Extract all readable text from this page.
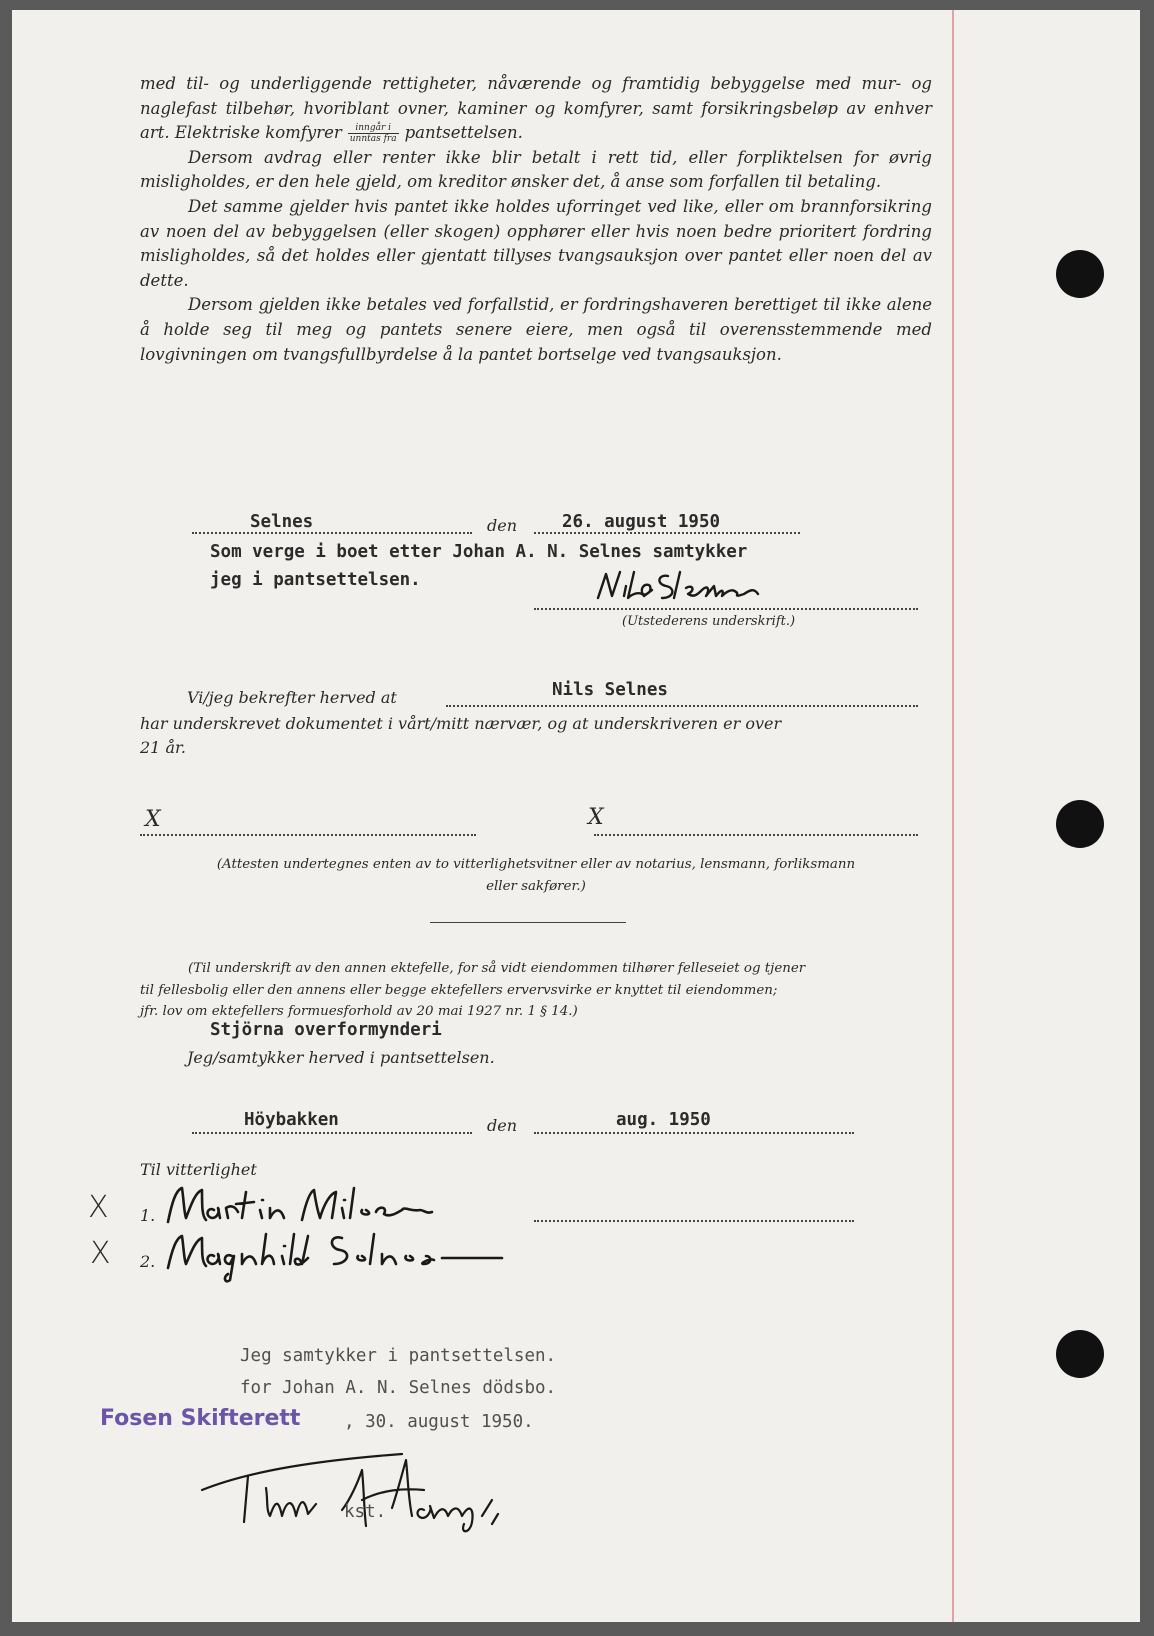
med til- og underliggende rettigheter, nåværende og framtidig bebyggelse med mur- og naglefast tilbehør, hvoriblant ovner, kaminer og komfyrer, samt forsikringsbeløp av enhver art. Elektriske komfyrer $\frac{\text{inngår i}}{\text{unntas fra}}$ pantsettelsen.

Dersom avdrag eller renter ikke blir betalt i rett tid, eller forpliktelsen for øvrig misligholdes, er den hele gjeld, om kreditor ønsker det, å anse som forfallen til betaling.

Det samme gjelder hvis pantet ikke holdes uforringet ved like, eller om brannforsikring av noen del av bebyggelsen (eller skogen) opphører eller hvis noen bedre prioritert fordring misligholdes, så det holdes eller gjentatt tillyses tvangsauksjon over pantet eller noen del av dette.

Dersom gjelden ikke betales ved forfallstid, er fordringshaveren berettiget til ikke alene å holde seg til meg og pantets senere eiere, men også til overensstemmende med lovgivningen om tvangsfullbyrdelse å la pantet bortselge ved tvangsauksjon.

Selnes	den	26. august 1950
Som verge i boet etter Johan A. N. Selnes samtykker
jeg i pantsettelsen.
(Utstederens underskrift.)
Vi/jeg bekrefter herved at	Nils Selnes
har underskrevet dokumentet i vårt/mitt nærvær, og at underskriveren er over
21 år.
X	X

(Attesten undertegnes enten av to vitterlighetsvitner eller av notarius, lensmann, forliksmann

eller sakfører.)

(Til underskrift av den annen ektefelle, for så vidt eiendommen tilhører felleseiet og tjener

til fellesbolig eller den annens eller begge ektefellers ervervsvirke er knyttet til eiendommen;

jfr. lov om ektefellers formuesforhold av 20 mai 1927 nr. 1 § 14.)

Stjörna overformynderi
Jeg/samtykker herved i pantsettelsen.
Höybakken	den	aug. 1950
Til vitterlighet
X 1.
X 2.
Jeg samtykker i pantsettelsen.
for Johan A. N. Selnes dödsbo.
Fosen Skifterett , 30. august 1950.
kst.
